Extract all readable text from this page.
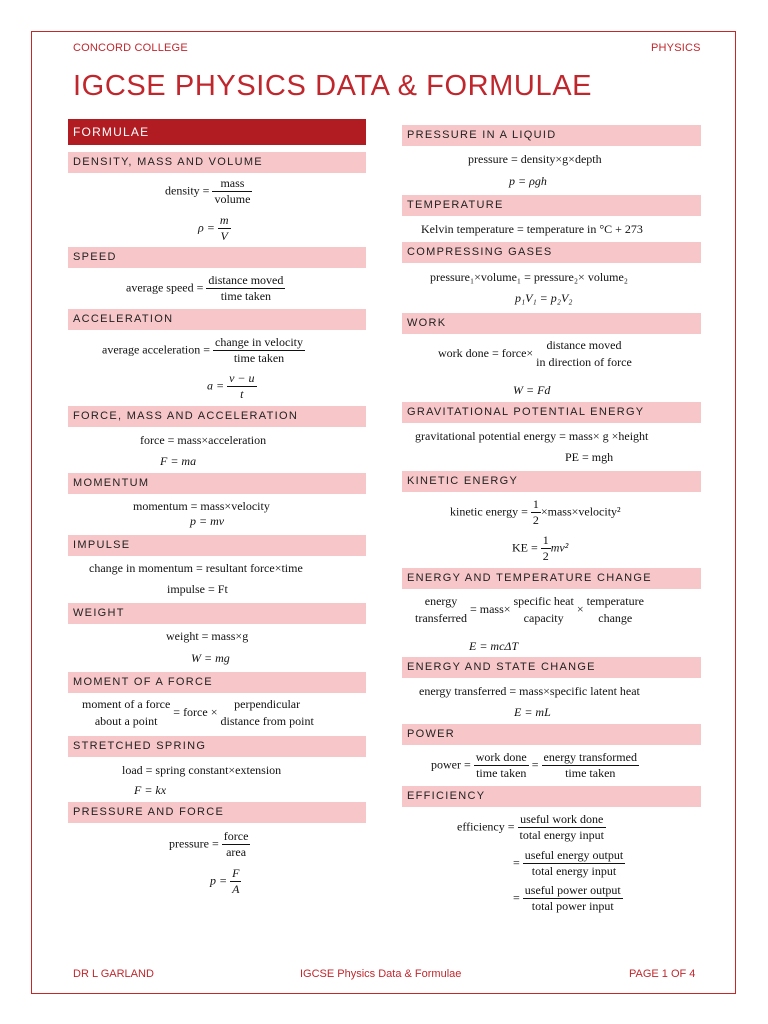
CONCORD COLLEGE	PHYSICS
IGCSE PHYSICS DATA & FORMULAE
FORMULAE
DENSITY, MASS AND VOLUME
density = $\frac{\text{mass}}{\text{volume}}$
$\rho = \frac{m}{V}$
SPEED
average speed = $\frac{\text{distance moved}}{\text{time taken}}$
ACCELERATION
average acceleration = $\frac{\text{change in velocity}}{\text{time taken}}$
$a = \frac{v - u}{t}$
FORCE, MASS AND ACCELERATION
force = mass×acceleration
F = ma
MOMENTUM
momentum = mass×velocity
p = mv
IMPULSE
change in momentum = resultant force×time
impulse = Ft
WEIGHT
weight = mass×g
W = mg
MOMENT OF A FORCE
moment of a force
about a point
= force ×
perpendicular
distance from point
STRETCHED SPRING
load = spring constant×extension
F = kx
PRESSURE AND FORCE
pressure = $\frac{\text{force}}{\text{area}}$
$p = \frac{F}{A}$
PRESSURE IN A LIQUID
pressure = density×g×depth
p = ρgh
TEMPERATURE
Kelvin temperature = temperature in °C + 273
COMPRESSING GASES
pressure₁×volume₁ = pressure₂× volume₂
p₁V₁ = p₂V₂
WORK
work done = force×
distance moved
in direction of force
W = Fd
GRAVITATIONAL POTENTIAL ENERGY
gravitational potential energy = mass× g ×height
PE = mgh
KINETIC ENERGY
kinetic energy = $\frac{1}{2}$ ×mass×velocity²
KE = $\frac{1}{2} mv^2$
ENERGY AND TEMPERATURE CHANGE
energy
transferred
= mass×
specific heat
capacity
×
temperature
change
E = mcΔT
ENERGY AND STATE CHANGE
energy transferred = mass×specific latent heat
E = mL
POWER
power = $\frac{\text{work done}}{\text{time taken}} = \frac{\text{energy transformed}}{\text{time taken}}$
EFFICIENCY
efficiency = $\frac{\text{useful work done}}{\text{total energy input}}$
= $\frac{\text{useful energy output}}{\text{total energy input}}$
= $\frac{\text{useful power output}}{\text{total power input}}$
DR L GARLAND	IGCSE Physics Data & Formulae	PAGE 1 OF 4
